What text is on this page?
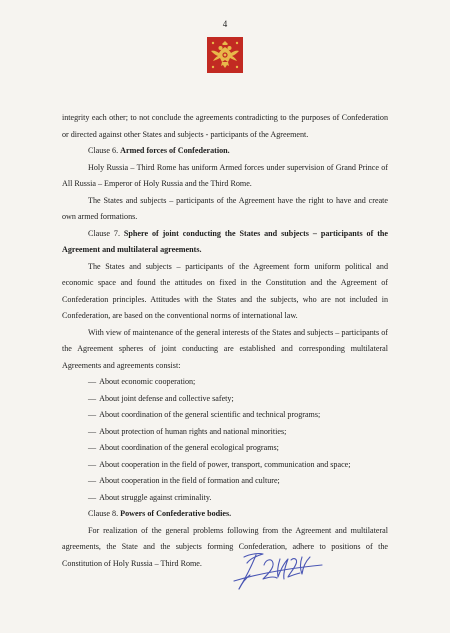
4

integrity each other; to not conclude the agreements contradicting to the purposes of Confederation or directed against other States and subjects - participants of the Agreement.

Clause 6. Armed forces of Confederation.

Holy Russia – Third Rome has uniform Armed forces under supervision of Grand Prince of All Russia – Emperor of Holy Russia and the Third Rome.

The States and subjects – participants of the Agreement have the right to have and create own armed formations.

Clause 7. Sphere of joint conducting the States and subjects – participants of the Agreement and multilateral agreements.

The States and subjects – participants of the Agreement form uniform political and economic space and found the attitudes on fixed in the Constitution and the Agreement of Confederation principles. Attitudes with the States and the subjects, who are not included in Confederation, are based on the conventional norms of international law.

With view of maintenance of the general interests of the States and subjects – participants of the Agreement spheres of joint conducting are established and corresponding multilateral Agreements and agreements consist:

— About economic cooperation;

— About joint defense and collective safety;

— About coordination of the general scientific and technical programs;

— About protection of human rights and national minorities;

— About coordination of the general ecological programs;

— About cooperation in the field of power, transport, communication and space;

— About cooperation in the field of formation and culture;

— About struggle against criminality.

Clause 8. Powers of Confederative bodies.

For realization of the general problems following from the Agreement and multilateral agreements, the State and the subjects forming Confederation, adhere to positions of the Constitution of Holy Russia – Third Rome.
